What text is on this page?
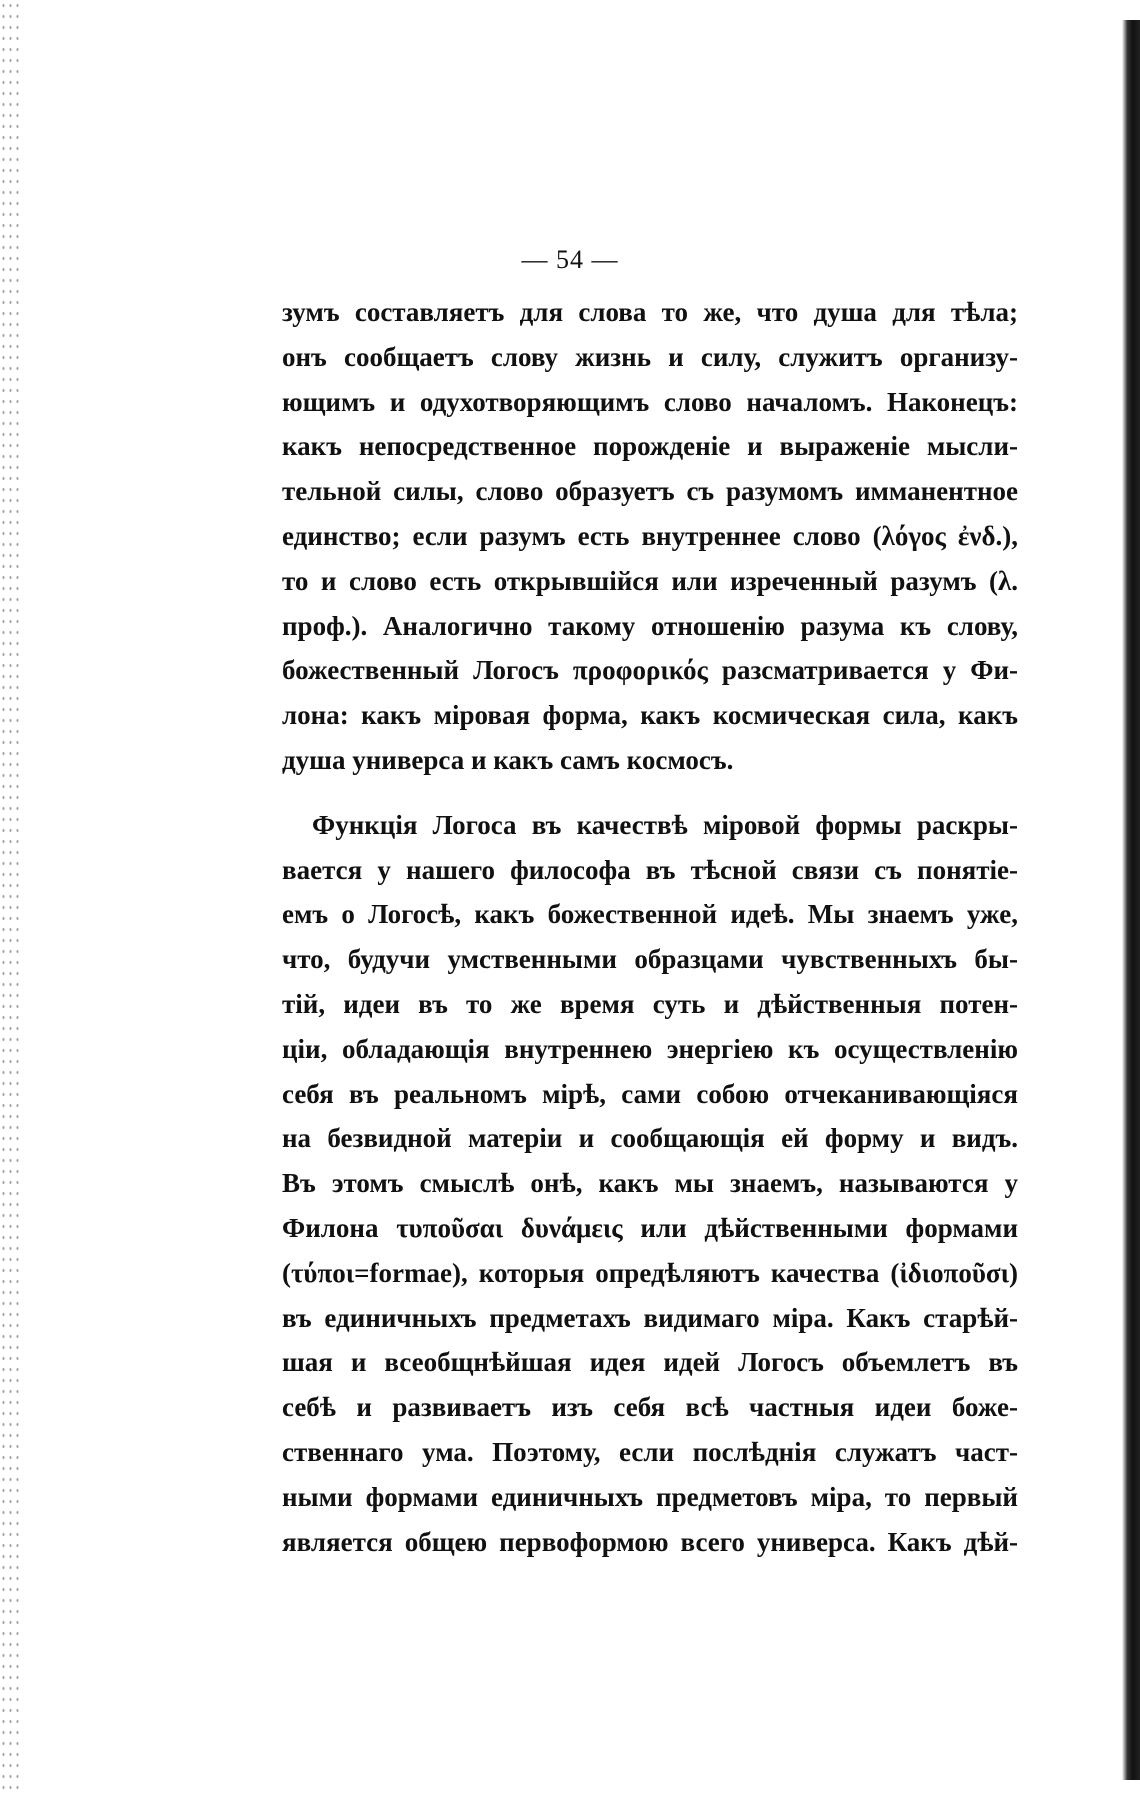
— 54 —
зумъ составляетъ для слова то же, что душа для тѣла;
онъ сообщаетъ слову жизнь и силу, служитъ организу-
ющимъ и одухотворяющимъ слово началомъ. Наконецъ:
какъ непосредственное порожденіе и выраженіе мысли-
тельной силы, слово образуетъ съ разумомъ имманентное
единство; если разумъ есть внутреннее слово (λόγος ἐνδ.),
то и слово есть открывшійся или изреченный разумъ (λ.
проф.). Аналогично такому отношенію разума къ слову,
божественный Логосъ προφορικός разсматривается у Фи-
лона: какъ міровая форма, какъ космическая сила, какъ
душа универса и какъ самъ космосъ.
Функція Логоса въ качествѣ міровой формы раскры-
вается у нашего философа въ тѣсной связи съ понятіе-
емъ о Логосѣ, какъ божественной идеѣ. Мы знаемъ уже,
что, будучи умственными образцами чувственныхъ бы-
тій, идеи въ то же время суть и дѣйственныя потен-
ціи, обладающія внутреннею энергіею къ осуществленію
себя въ реальномъ мірѣ, сами собою отчеканивающіяся
на безвидной матеріи и сообщающія ей форму и видъ.
Въ этомъ смыслѣ онѣ, какъ мы знаемъ, называются у
Филона τυποῦσαι δυνάμεις или дѣйственными формами
(τύποι=formae), которыя опредѣляютъ качества (ἰδιοποῦσι)
въ единичныхъ предметахъ видимаго міра. Какъ старѣй-
шая и всеобщнѣйшая идея идей Логосъ объемлетъ въ
себѣ и развиваетъ изъ себя всѣ частныя идеи боже-
ственнаго ума. Поэтому, если послѣднія служатъ част-
ными формами единичныхъ предметовъ міра, то первый
является общею первоформою всего универса. Какъ дѣй-
